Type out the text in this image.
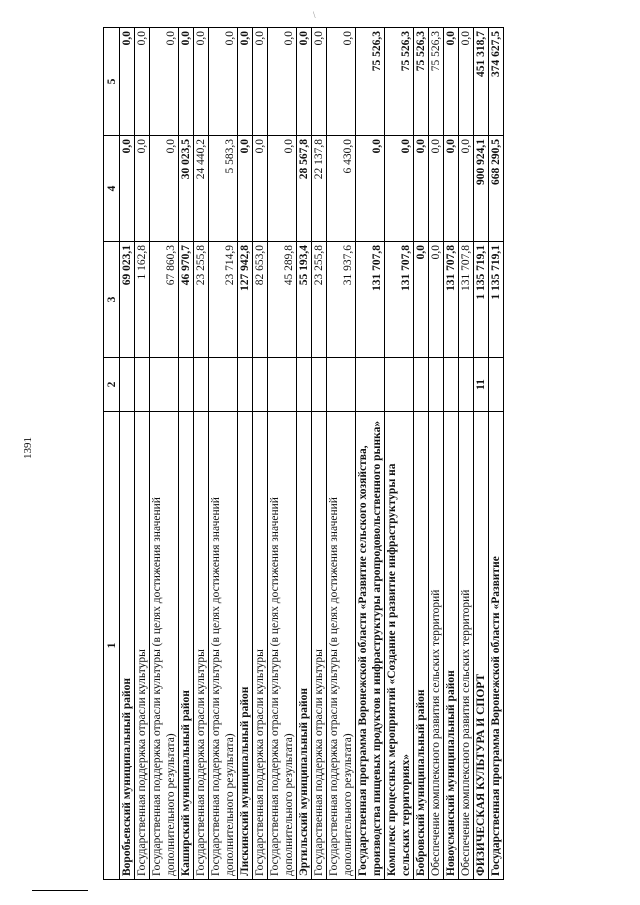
1391
\
1	2	3	4	5
Воробьевский муниципальный район		69 023,1	0,0	0,0
Государственная поддержка отрасли культуры		1 162,8	0,0	0,0
Государственная поддержка отрасли культуры (в целях достижения значений дополнительного результата)		67 860,3	0,0	0,0
Каширский муниципальный район		46 970,7	30 023,5	0,0
Государственная поддержка отрасли культуры		23 255,8	24 440,2	0,0
Государственная поддержка отрасли культуры (в целях достижения значений дополнительного результата)		23 714,9	5 583,3	0,0
Лискинский муниципальный район		127 942,8	0,0	0,0
Государственная поддержка отрасли культуры		82 653,0	0,0	0,0
Государственная поддержка отрасли культуры (в целях достижения значений дополнительного результата)		45 289,8	0,0	0,0
Эртильский муниципальный район		55 193,4	28 567,8	0,0
Государственная поддержка отрасли культуры		23 255,8	22 137,8	0,0
Государственная поддержка отрасли культуры (в целях достижения значений дополнительного результата)		31 937,6	6 430,0	0,0
Государственная программа Воронежской области «Развитие сельского хозяйства, производства пищевых продуктов и инфраструктуры агропродовольственного рынка»		131 707,8	0,0	75 526,3
Комплекс процессных мероприятий «Создание и развитие инфраструктуры на сельских территориях»		131 707,8	0,0	75 526,3
Бобровский муниципальный район		0,0	0,0	75 526,3
Обеспечение комплексного развития сельских территорий		0,0	0,0	75 526,3
Новоусманский муниципальный район		131 707,8	0,0	0,0
Обеспечение комплексного развития сельских территорий		131 707,8	0,0	0,0
ФИЗИЧЕСКАЯ КУЛЬТУРА И СПОРТ	11	1 135 719,1	900 924,1	451 318,7
Государственная программа Воронежской области «Развитие		1 135 719,1	668 290,5	374 627,5
